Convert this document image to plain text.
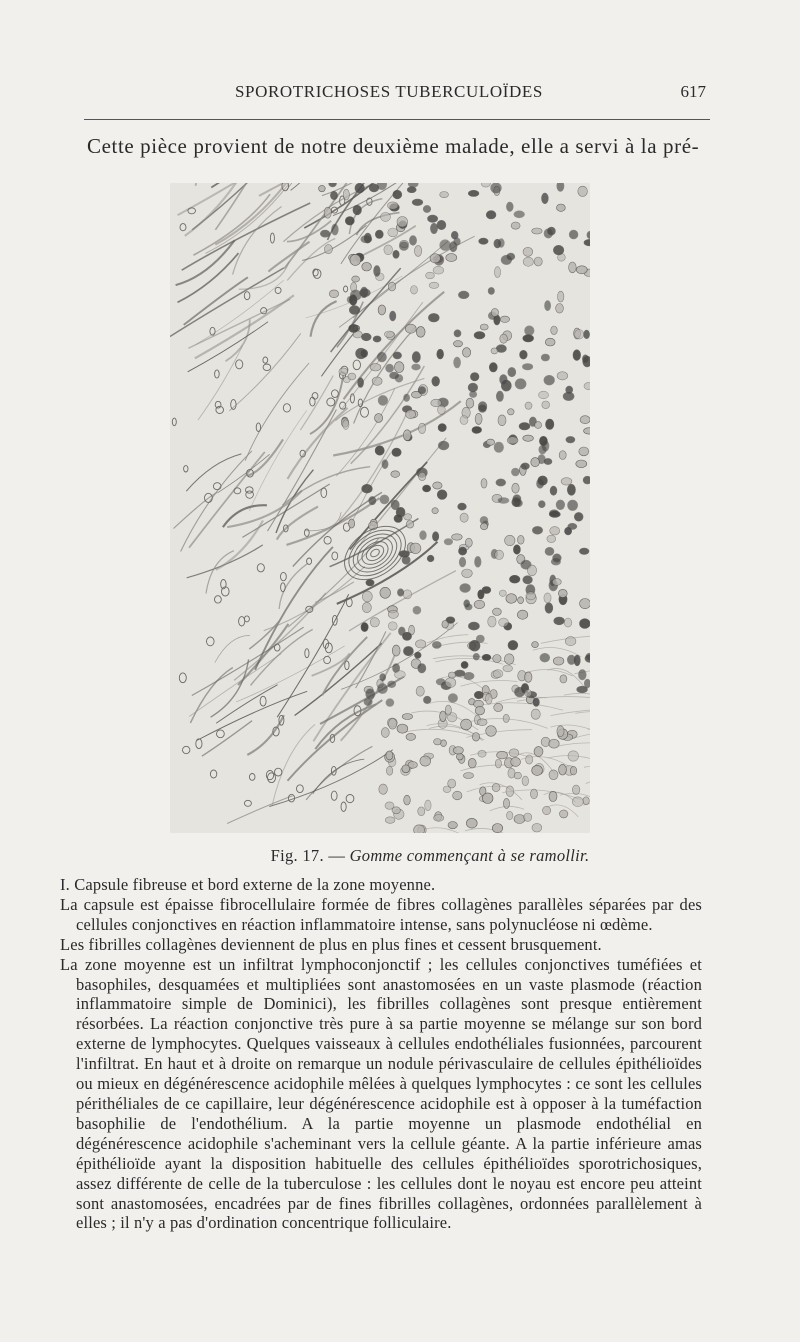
SPOROTRICHOSES TUBERCULOÏDES	617
Cette pièce provient de notre deuxième malade, elle a servi à la pré-
Fig. 17. — Gomme commençant à se ramollir.

I. Capsule fibreuse et bord externe de la zone moyenne.

La capsule est épaisse fibrocellulaire formée de fibres collagènes parallèles séparées par des cellules conjonctives en réaction inflammatoire intense, sans polynucléose ni œdème.

Les fibrilles collagènes deviennent de plus en plus fines et cessent brusquement.

La zone moyenne est un infiltrat lymphoconjonctif ; les cellules conjonctives tuméfiées et basophiles, desquamées et multipliées sont anastomosées en un vaste plasmode (réaction inflammatoire simple de Dominici), les fibrilles collagènes sont presque entièrement résorbées. La réaction conjonctive très pure à sa partie moyenne se mélange sur son bord externe de lymphocytes. Quelques vaisseaux à cellules endothéliales fusionnées, parcourent l'infiltrat. En haut et à droite on remarque un nodule périvasculaire de cellules épithélioïdes ou mieux en dégénérescence acidophile mêlées à quelques lymphocytes : ce sont les cellules périthéliales de ce capillaire, leur dégénérescence acidophile est à opposer à la tuméfaction basophilie de l'endothélium. A la partie moyenne un plasmode endothélial en dégénérescence acidophile s'acheminant vers la cellule géante. A la partie inférieure amas épithélioïde ayant la disposition habituelle des cellules épithélioïdes sporotrichosiques, assez différente de celle de la tuberculose : les cellules dont le noyau est encore peu atteint sont anastomosées, encadrées par de fines fibrilles collagènes, ordonnées parallèlement à elles ; il n'y a pas d'ordination concentrique folliculaire.
